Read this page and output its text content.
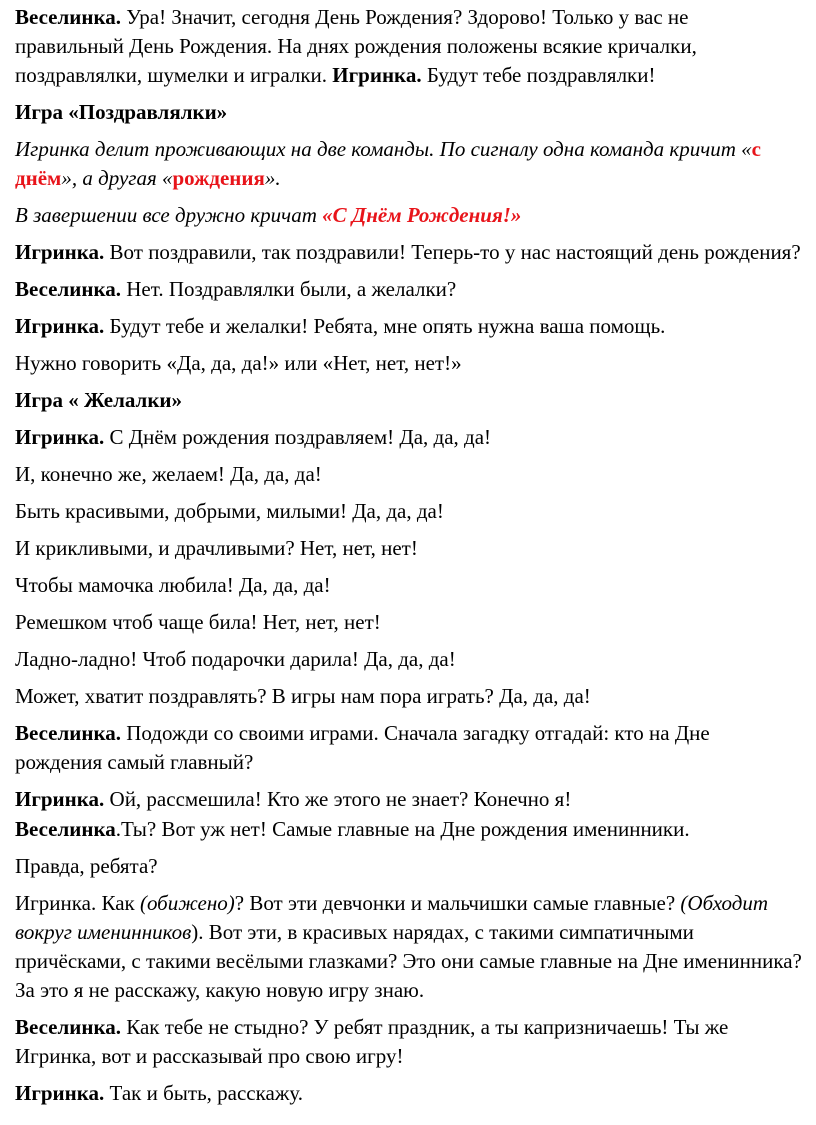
Веселинка. Ура! Значит, сегодня День Рождения? Здорово! Только у вас не правильный День Рождения. На днях рождения положены всякие кричалки, поздравлялки, шумелки и игралки. Игринка. Будут тебе поздравлялки!

Игра «Поздравлялки»

Игринка делит проживающих на две команды. По сигналу одна команда кричит «с днём», а другая «рождения».

В завершении все дружно кричат «С Днём Рождения!»

Игринка. Вот поздравили, так поздравили! Теперь-то у нас настоящий день рождения?

Веселинка. Нет. Поздравлялки были, а желалки?

Игринка. Будут тебе и желалки! Ребята, мне опять нужна ваша помощь.

Нужно говорить «Да, да, да!» или «Нет, нет, нет!»

Игра « Желалки»

Игринка. С Днём рождения поздравляем! Да, да, да!

И, конечно же, желаем! Да, да, да!

Быть красивыми, добрыми, милыми! Да, да, да!

И крикливыми, и драчливыми? Нет, нет, нет!

Чтобы мамочка любила! Да, да, да!

Ремешком чтоб чаще била! Нет, нет, нет!

Ладно-ладно! Чтоб подарочки дарила! Да, да, да!

Может, хватит поздравлять? В игры нам пора играть? Да, да, да!

Веселинка. Подожди со своими играми. Сначала загадку отгадай: кто на Дне рождения самый главный?

Игринка. Ой, рассмешила! Кто же этого не знает? Конечно я!

Веселинка.Ты? Вот уж нет! Самые главные на Дне рождения именинники.

Правда, ребята?

Игринка. Как (обижено)? Вот эти девчонки и мальчишки самые главные? (Обходит вокруг именинников). Вот эти, в красивых нарядах, с такими симпатичными причёсками, с такими весёлыми глазками? Это они самые главные на Дне именинника? За это я не расскажу, какую новую игру знаю.

Веселинка. Как тебе не стыдно? У ребят праздник, а ты капризничаешь! Ты же Игринка, вот и рассказывай про свою игру!

Игринка. Так и быть, расскажу.
